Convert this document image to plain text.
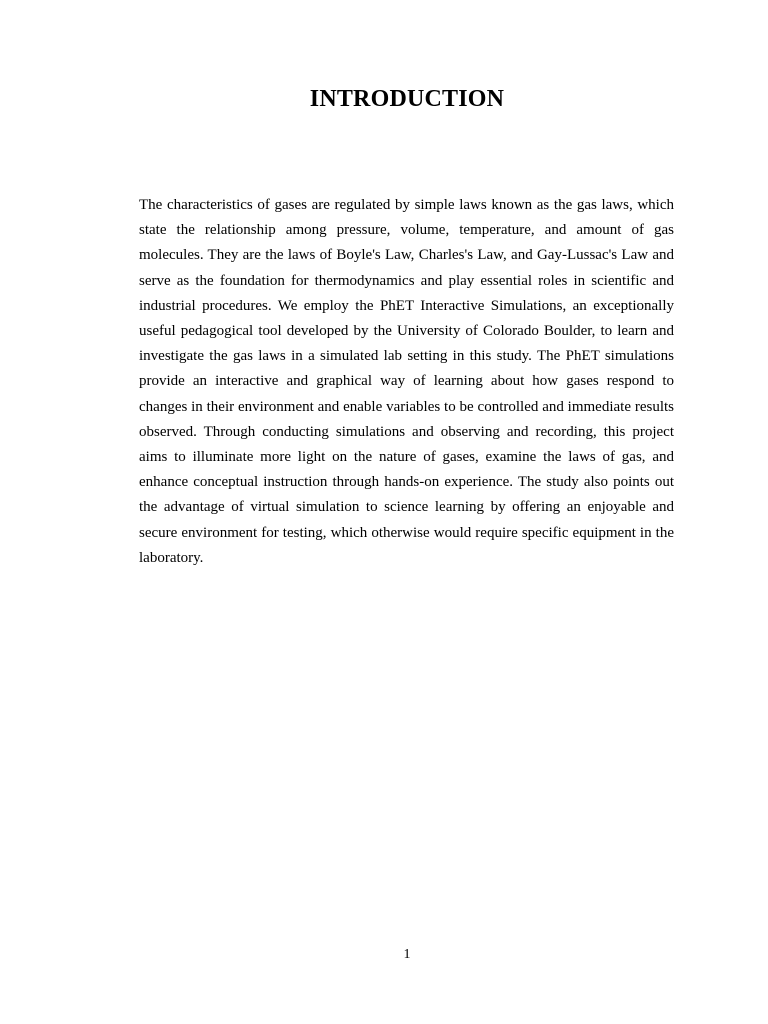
INTRODUCTION

The characteristics of gases are regulated by simple laws known as the gas laws, which state the relationship among pressure, volume, temperature, and amount of gas molecules. They are the laws of Boyle's Law, Charles's Law, and Gay-Lussac's Law and serve as the foundation for thermodynamics and play essential roles in scientific and industrial procedures. We employ the PhET Interactive Simulations, an exceptionally useful pedagogical tool developed by the University of Colorado Boulder, to learn and investigate the gas laws in a simulated lab setting in this study. The PhET simulations provide an interactive and graphical way of learning about how gases respond to changes in their environment and enable variables to be controlled and immediate results observed. Through conducting simulations and observing and recording, this project aims to illuminate more light on the nature of gases, examine the laws of gas, and enhance conceptual instruction through hands-on experience. The study also points out the advantage of virtual simulation to science learning by offering an enjoyable and secure environment for testing, which otherwise would require specific equipment in the laboratory.

1
